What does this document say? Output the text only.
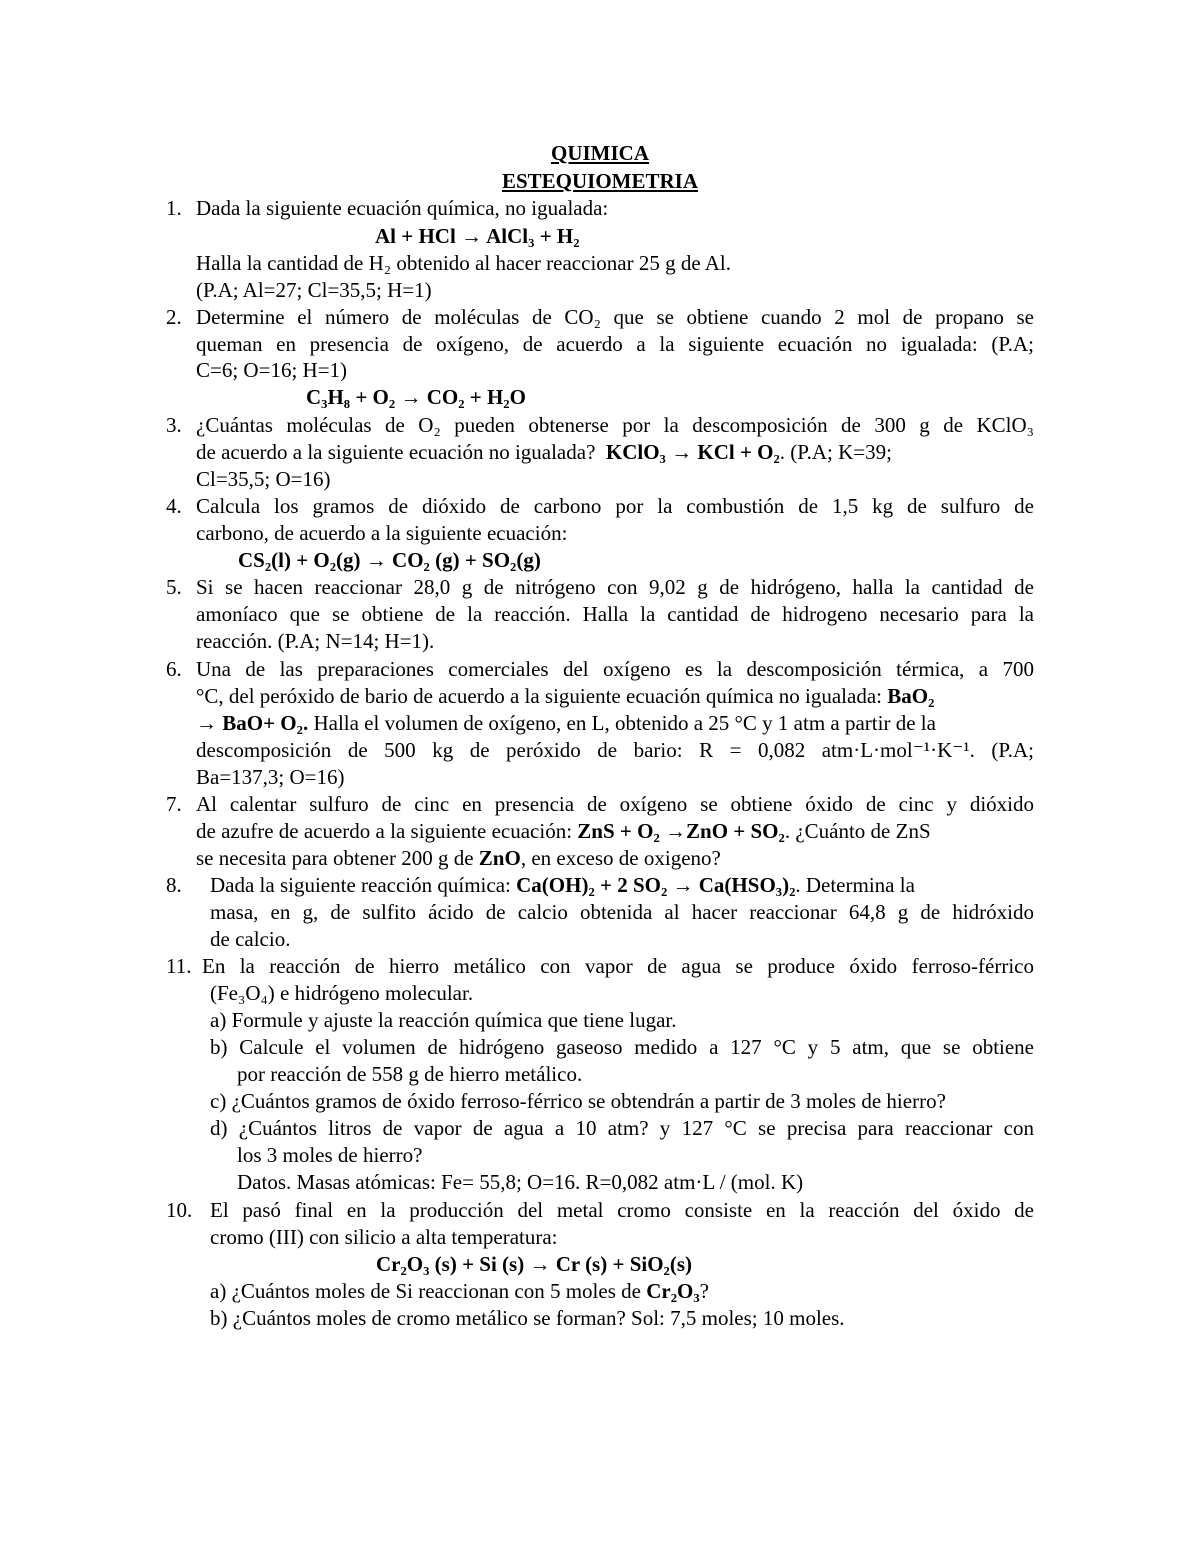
QUIMICA
ESTEQUIOMETRIA
1. Dada la siguiente ecuación química, no igualada:
Al + HCl → AlCl₃ + H₂
Halla la cantidad de H₂ obtenido al hacer reaccionar 25 g de Al.
(P.A; Al=27; Cl=35,5; H=1)
2. Determine el número de moléculas de CO₂ que se obtiene cuando 2 mol de propano se
queman en presencia de oxígeno, de acuerdo a la siguiente ecuación no igualada: (P.A;
C=6; O=16; H=1)
C₃H₈ + O₂ → CO₂ + H₂O
3. ¿Cuántas moléculas de O₂ pueden obtenerse por la descomposición de 300 g de KClO₃
de acuerdo a la siguiente ecuación no igualada? KClO₃ → KCl + O₂. (P.A; K=39;
Cl=35,5; O=16)
4. Calcula los gramos de dióxido de carbono por la combustión de 1,5 kg de sulfuro de
carbono, de acuerdo a la siguiente ecuación:
CS₂(l) + O₂(g) → CO₂ (g) + SO₂(g)
5. Si se hacen reaccionar 28,0 g de nitrógeno con 9,02 g de hidrógeno, halla la cantidad de
amoníaco que se obtiene de la reacción. Halla la cantidad de hidrogeno necesario para la
reacción. (P.A; N=14; H=1).
6. Una de las preparaciones comerciales del oxígeno es la descomposición térmica, a 700
°C, del peróxido de bario de acuerdo a la siguiente ecuación química no igualada: BaO₂
→ BaO+ O₂. Halla el volumen de oxígeno, en L, obtenido a 25 °C y 1 atm a partir de la
descomposición de 500 kg de peróxido de bario: R = 0,082 atm·L·mol⁻¹·K⁻¹. (P.A;
Ba=137,3; O=16)
7. Al calentar sulfuro de cinc en presencia de oxígeno se obtiene óxido de cinc y dióxido
de azufre de acuerdo a la siguiente ecuación: ZnS + O₂ →ZnO + SO₂. ¿Cuánto de ZnS
se necesita para obtener 200 g de ZnO, en exceso de oxigeno?
8. Dada la siguiente reacción química: Ca(OH)₂ + 2 SO₂ → Ca(HSO₃)₂. Determina la
masa, en g, de sulfito ácido de calcio obtenida al hacer reaccionar 64,8 g de hidróxido
de calcio.
11. En la reacción de hierro metálico con vapor de agua se produce óxido ferroso-férrico
(Fe₃O₄) e hidrógeno molecular.
a) Formule y ajuste la reacción química que tiene lugar.
b) Calcule el volumen de hidrógeno gaseoso medido a 127 °C y 5 atm, que se obtiene
por reacción de 558 g de hierro metálico.
c) ¿Cuántos gramos de óxido ferroso-férrico se obtendrán a partir de 3 moles de hierro?
d) ¿Cuántos litros de vapor de agua a 10 atm? y 127 °C se precisa para reaccionar con
los 3 moles de hierro?
Datos. Masas atómicas: Fe= 55,8; O=16. R=0,082 atm·L / (mol. K)
10. El pasó final en la producción del metal cromo consiste en la reacción del óxido de
cromo (III) con silicio a alta temperatura:
Cr₂O₃ (s) + Si (s) → Cr (s) + SiO₂(s)
a) ¿Cuántos moles de Si reaccionan con 5 moles de Cr₂O₃?
b) ¿Cuántos moles de cromo metálico se forman? Sol: 7,5 moles; 10 moles.
